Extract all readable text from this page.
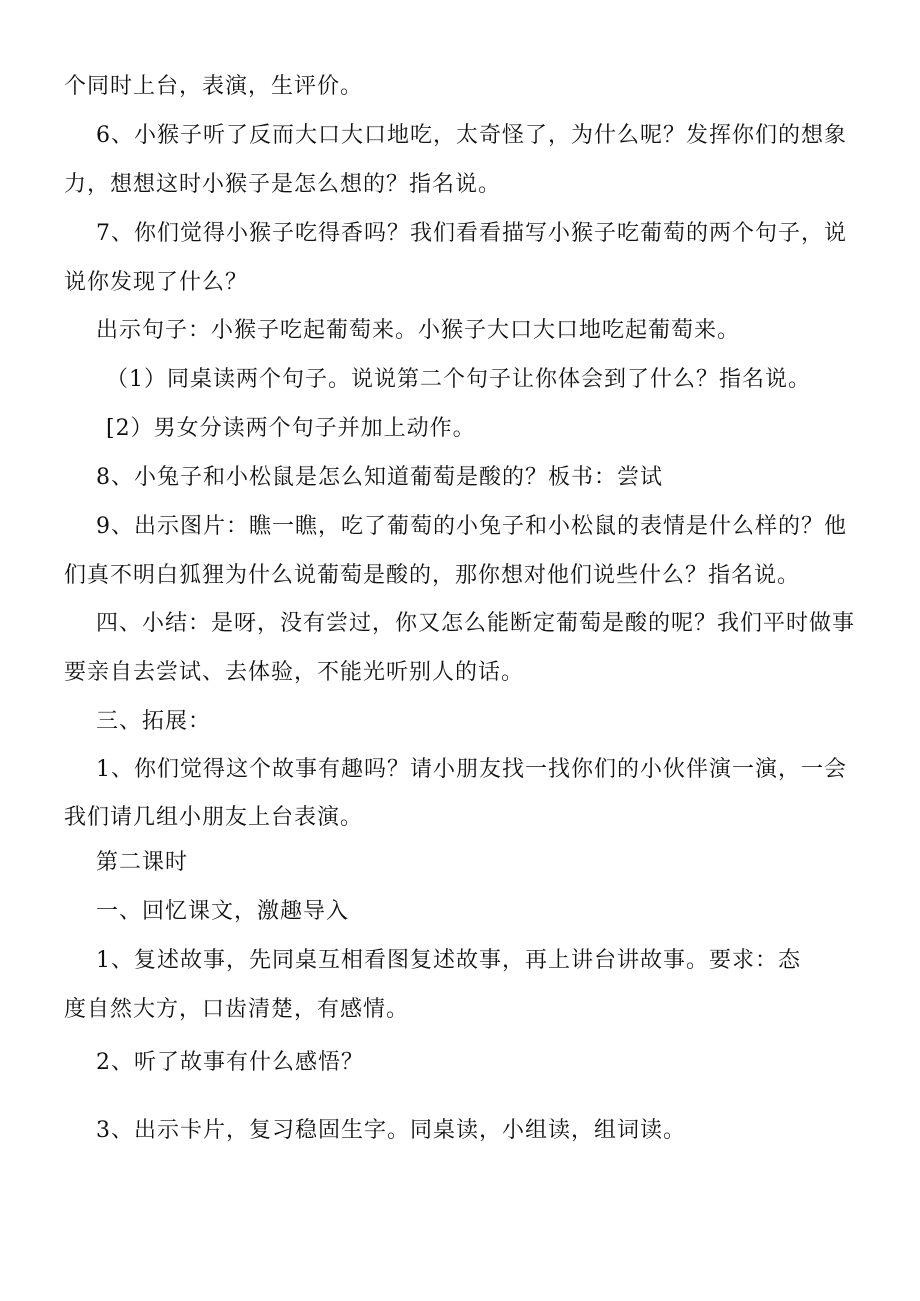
个同时上台，表演，生评价。
6、小猴子听了反而大口大口地吃，太奇怪了，为什么呢？发挥你们的想象
力，想想这时小猴子是怎么想的？指名说。
7、你们觉得小猴子吃得香吗？我们看看描写小猴子吃葡萄的两个句子，说
说你发现了什么？
出示句子：小猴子吃起葡萄来。小猴子大口大口地吃起葡萄来。
（1）同桌读两个句子。说说第二个句子让你体会到了什么？指名说。
[2）男女分读两个句子并加上动作。
8、小兔子和小松鼠是怎么知道葡萄是酸的？板书：尝试
9、出示图片：瞧一瞧，吃了葡萄的小兔子和小松鼠的表情是什么样的？他
们真不明白狐狸为什么说葡萄是酸的，那你想对他们说些什么？指名说。
四、小结：是呀，没有尝过，你又怎么能断定葡萄是酸的呢？我们平时做事
要亲自去尝试、去体验，不能光听别人的话。
三、拓展：
1、你们觉得这个故事有趣吗？请小朋友找一找你们的小伙伴演一演，一会
我们请几组小朋友上台表演。
第二课时
一、回忆课文，激趣导入
1、复述故事，先同桌互相看图复述故事，再上讲台讲故事。要求：态
度自然大方，口齿清楚，有感情。
2、听了故事有什么感悟？
3、出示卡片，复习稳固生字。同桌读，小组读，组词读。
